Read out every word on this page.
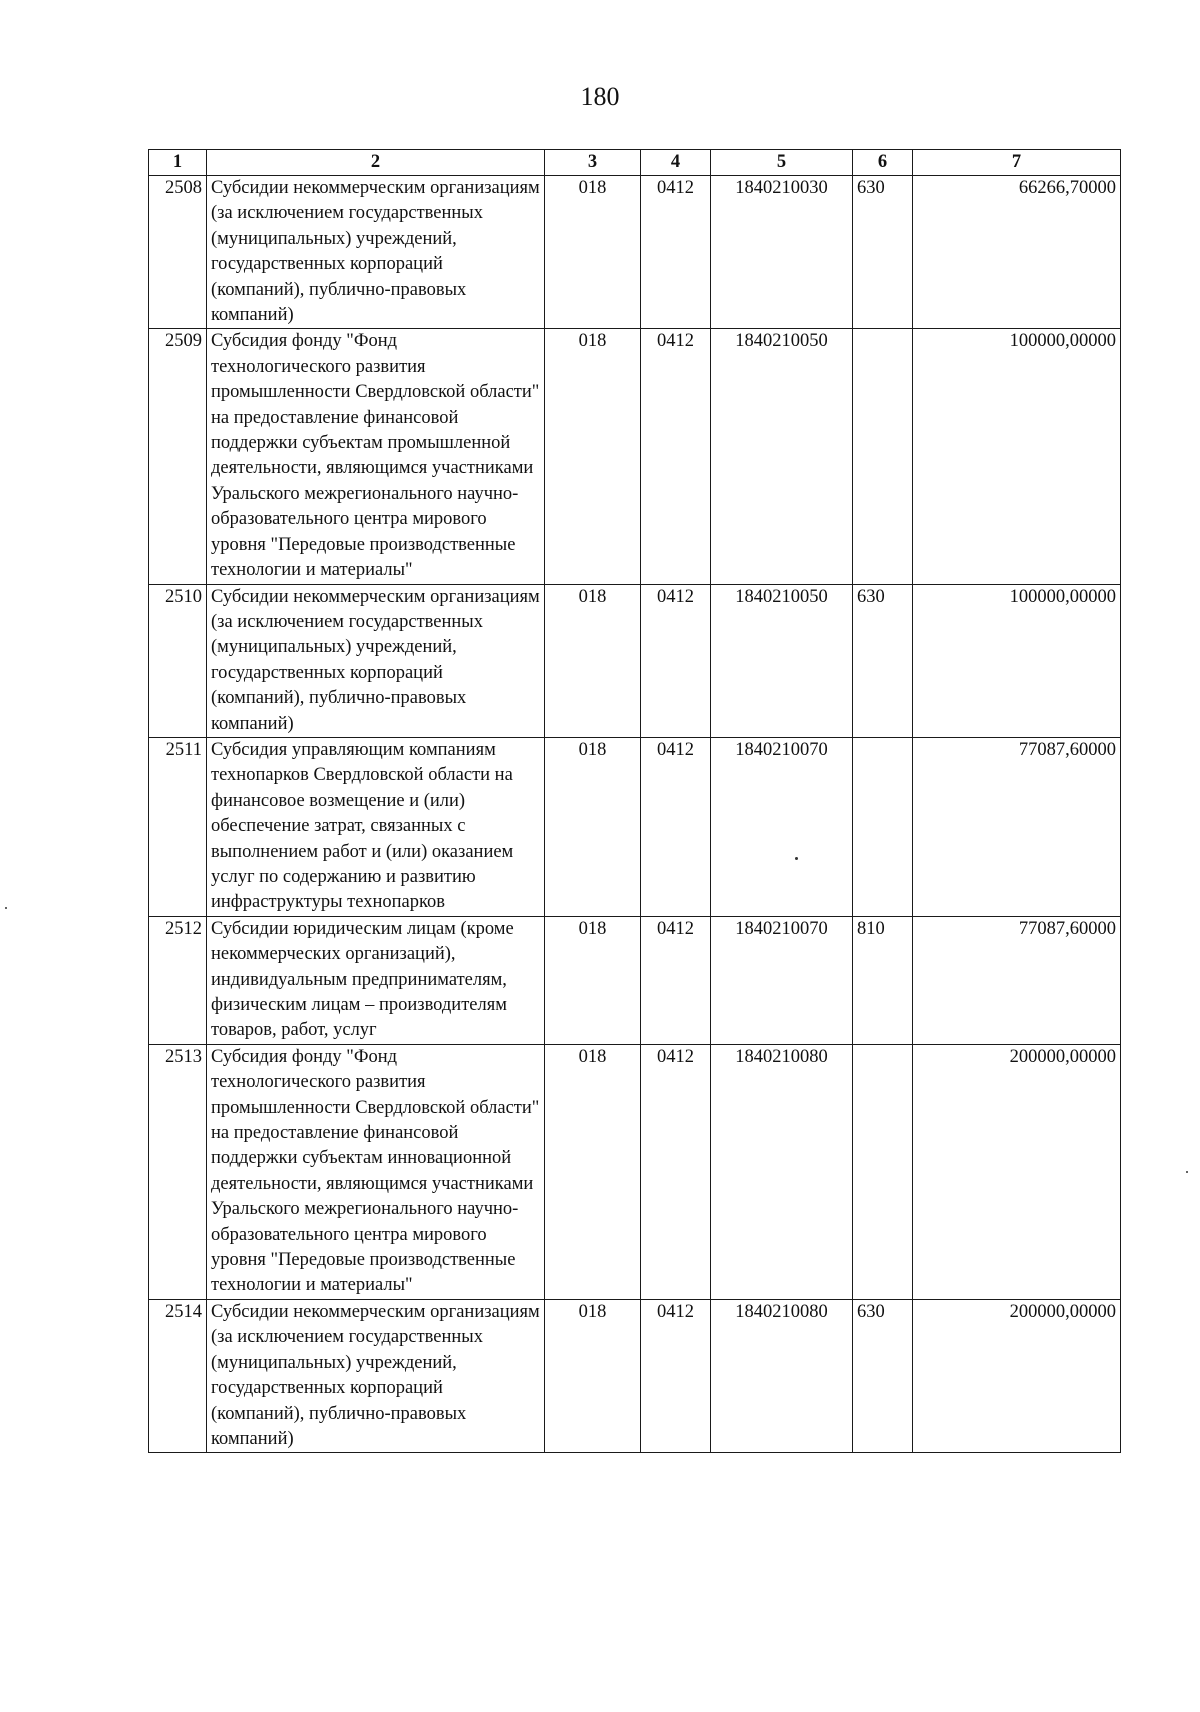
180
1	2	3	4	5	6	7
2508	Субсидии некоммерческим организациям (за исключением государственных (муниципальных) учреждений, государственных корпораций (компаний), публично-правовых компаний)	018	0412	1840210030	630	66266,70000
2509	Субсидия фонду "Фонд технологического развития промышленности Свердловской области" на предоставление финансовой поддержки субъектам промышленной деятельности, являющимся участниками Уральского межрегионального научно-образовательного центра мирового уровня "Передовые производственные технологии и материалы"	018	0412	1840210050		100000,00000
2510	Субсидии некоммерческим организациям (за исключением государственных (муниципальных) учреждений, государственных корпораций (компаний), публично-правовых компаний)	018	0412	1840210050	630	100000,00000
2511	Субсидия управляющим компаниям технопарков Свердловской области на финансовое возмещение и (или) обеспечение затрат, связанных с выполнением работ и (или) оказанием услуг по содержанию и развитию инфраструктуры технопарков	018	0412	1840210070		77087,60000
2512	Субсидии юридическим лицам (кроме некоммерческих организаций), индивидуальным предпринимателям, физическим лицам – производителям товаров, работ, услуг	018	0412	1840210070	810	77087,60000
2513	Субсидия фонду "Фонд технологического развития промышленности Свердловской области" на предоставление финансовой поддержки субъектам инновационной деятельности, являющимся участниками Уральского межрегионального научно-образовательного центра мирового уровня "Передовые производственные технологии и материалы"	018	0412	1840210080		200000,00000
2514	Субсидии некоммерческим организациям (за исключением государственных (муниципальных) учреждений, государственных корпораций (компаний), публично-правовых компаний)	018	0412	1840210080	630	200000,00000
